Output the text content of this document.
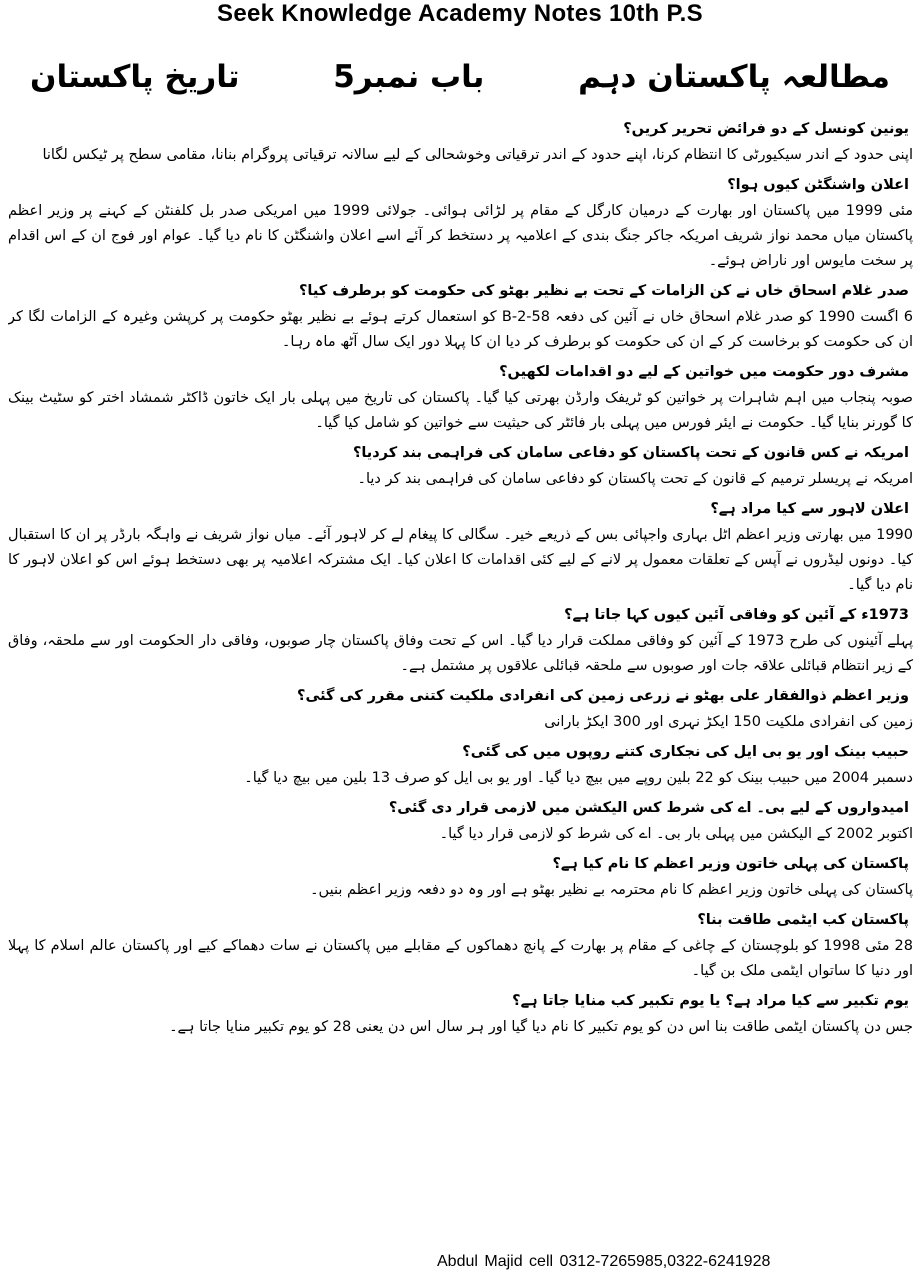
Seek Knowledge Academy Notes 10th P.S
مطالعہ پاکستان دہم
باب نمبر5
تاریخ پاکستان
یونین کونسل کے دو فرائض تحریر کریں؟
اپنی حدود کے اندر سیکیورٹی کا انتظام کرنا، اپنے حدود کے اندر ترقیاتی وخوشحالی کے لیے سالانہ ترقیاتی پروگرام بنانا، مقامی سطح پر ٹیکس لگانا
اعلان واشنگٹن کیوں ہوا؟
مئی 1999 میں پاکستان اور بھارت کے درمیان کارگل کے مقام پر لڑائی ہوائی۔ جولائی 1999 میں امریکی صدر بل کلفنٹن کے کہنے پر وزیر اعظم پاکستان میاں محمد نواز شریف امریکہ جاکر جنگ بندی کے اعلامیہ پر دستخط کر آئے اسے اعلان واشنگٹن کا نام دیا گیا۔ عوام اور فوج ان کے اس اقدام پر سخت مایوس اور ناراض ہوئے۔
صدر غلام اسحاق خاں نے کن الزامات کے تحت بے نظیر بھٹو کی حکومت کو برطرف کیا؟
6 اگست 1990 کو صدر غلام اسحاق خاں نے آئین کی دفعہ 58-2-B کو استعمال کرتے ہوئے بے نظیر بھٹو حکومت پر کرپشن وغیرہ کے الزامات لگا کر ان کی حکومت کو برخاست کر کے ان کی حکومت کو برطرف کر دیا ان کا پہلا دور ایک سال آٹھ ماہ رہا۔
مشرف دور حکومت میں خواتین کے لیے دو اقدامات لکھیں؟
صوبہ پنجاب میں اہم شاہرات پر خواتین کو ٹریفک وارڈن بھرتی کیا گیا۔ پاکستان کی تاریخ میں پہلی بار ایک خاتون ڈاکٹر شمشاد اختر کو سٹیٹ بینک کا گورنر بنایا گیا۔ حکومت نے ایئر فورس میں پہلی بار فائٹر کی حیثیت سے خواتین کو شامل کیا گیا۔
امریکہ نے کس قانون کے تحت پاکستان کو دفاعی سامان کی فراہمی بند کردیا؟
امریکہ نے پریسلر ترمیم کے قانون کے تحت پاکستان کو دفاعی سامان کی فراہمی بند کر دیا۔
اعلان لاہور سے کیا مراد ہے؟
1990 میں بھارتی وزیر اعظم اٹل بہاری واجپائی بس کے ذریعے خیر۔ سگالی کا پیغام لے کر لاہور آئے۔ میاں نواز شریف نے واہگہ بارڈر پر ان کا استقبال کیا۔ دونوں لیڈروں نے آپس کے تعلقات معمول پر لانے کے لیے کئی اقدامات کا اعلان کیا۔ ایک مشترکہ اعلامیہ پر بھی دستخط ہوئے اس کو اعلان لاہور کا نام دیا گیا۔
1973ء کے آئین کو وفاقی آئین کیوں کہا جاتا ہے؟
پہلے آئینوں کی طرح 1973 کے آئین کو وفاقی مملکت قرار دیا گیا۔ اس کے تحت وفاق پاکستان چار صوبوں، وفاقی دار الحکومت اور سے ملحقہ، وفاق کے زیر انتظام قبائلی علاقہ جات اور صوبوں سے ملحقہ قبائلی علاقوں پر مشتمل ہے۔
وزیر اعظم ذوالفقار علی بھٹو نے زرعی زمین کی انفرادی ملکیت کتنی مقرر کی گئی؟
زمین کی انفرادی ملکیت 150 ایکڑ نہری اور 300 ایکڑ بارانی
حبیب بینک اور یو بی ایل کی نجکاری کتنے روپوں میں کی گئی؟
دسمبر 2004 میں حبیب بینک کو 22 بلین روپے میں بیچ دیا گیا۔ اور یو بی ایل کو صرف 13 بلین میں بیچ دیا گیا۔
امیدواروں کے لیے بی۔ اے کی شرط کس الیکشن میں لازمی قرار دی گئی؟
اکتوبر 2002 کے الیکشن میں پہلی بار بی۔ اے کی شرط کو لازمی قرار دیا گیا۔
پاکستان کی پہلی خاتون وزیر اعظم کا نام کیا ہے؟
پاکستان کی پہلی خاتون وزیر اعظم کا نام محترمہ بے نظیر بھٹو ہے اور وہ دو دفعہ وزیر اعظم بنیں۔
پاکستان کب ایٹمی طاقت بنا؟
28 مئی 1998 کو بلوچستان کے چاغی کے مقام پر بھارت کے پانچ دھماکوں کے مقابلے میں پاکستان نے سات دھماکے کیے اور پاکستان عالم اسلام کا پہلا اور دنیا کا ساتواں ایٹمی ملک بن گیا۔
یوم تکبیر سے کیا مراد ہے؟ یا یوم تکبیر کب منایا جاتا ہے؟
جس دن پاکستان ایٹمی طاقت بنا اس دن کو یوم تکبیر کا نام دیا گیا اور ہر سال اس دن یعنی 28 کو یوم تکبیر منایا جاتا ہے۔
Abdul Majid cell 0312-7265985,0322-6241928
